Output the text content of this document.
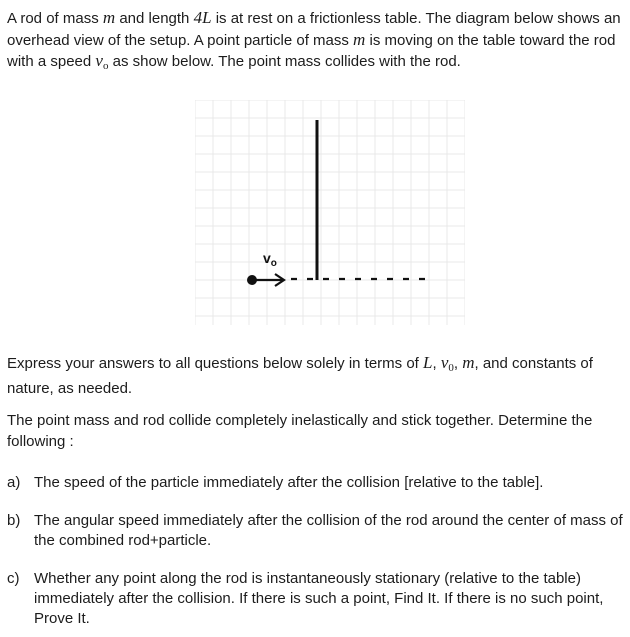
A rod of mass m and length 4L is at rest on a frictionless table. The diagram below shows an overhead view of the setup. A point particle of mass m is moving on the table toward the rod with a speed $v_o$ as show below. The point mass collides with the rod.

$v_o$

Express your answers to all questions below solely in terms of L, $v_0$, m, and constants of nature, as needed.

The point mass and rod collide completely inelastically and stick together. Determine the following :

a) The speed of the particle immediately after the collision [relative to the table].
b) The angular speed immediately after the collision of the rod around the center of mass of the combined rod+particle.
c) Whether any point along the rod is instantaneously stationary (relative to the table) immediately after the collision. If there is such a point, Find It. If there is no such point, Prove It.
